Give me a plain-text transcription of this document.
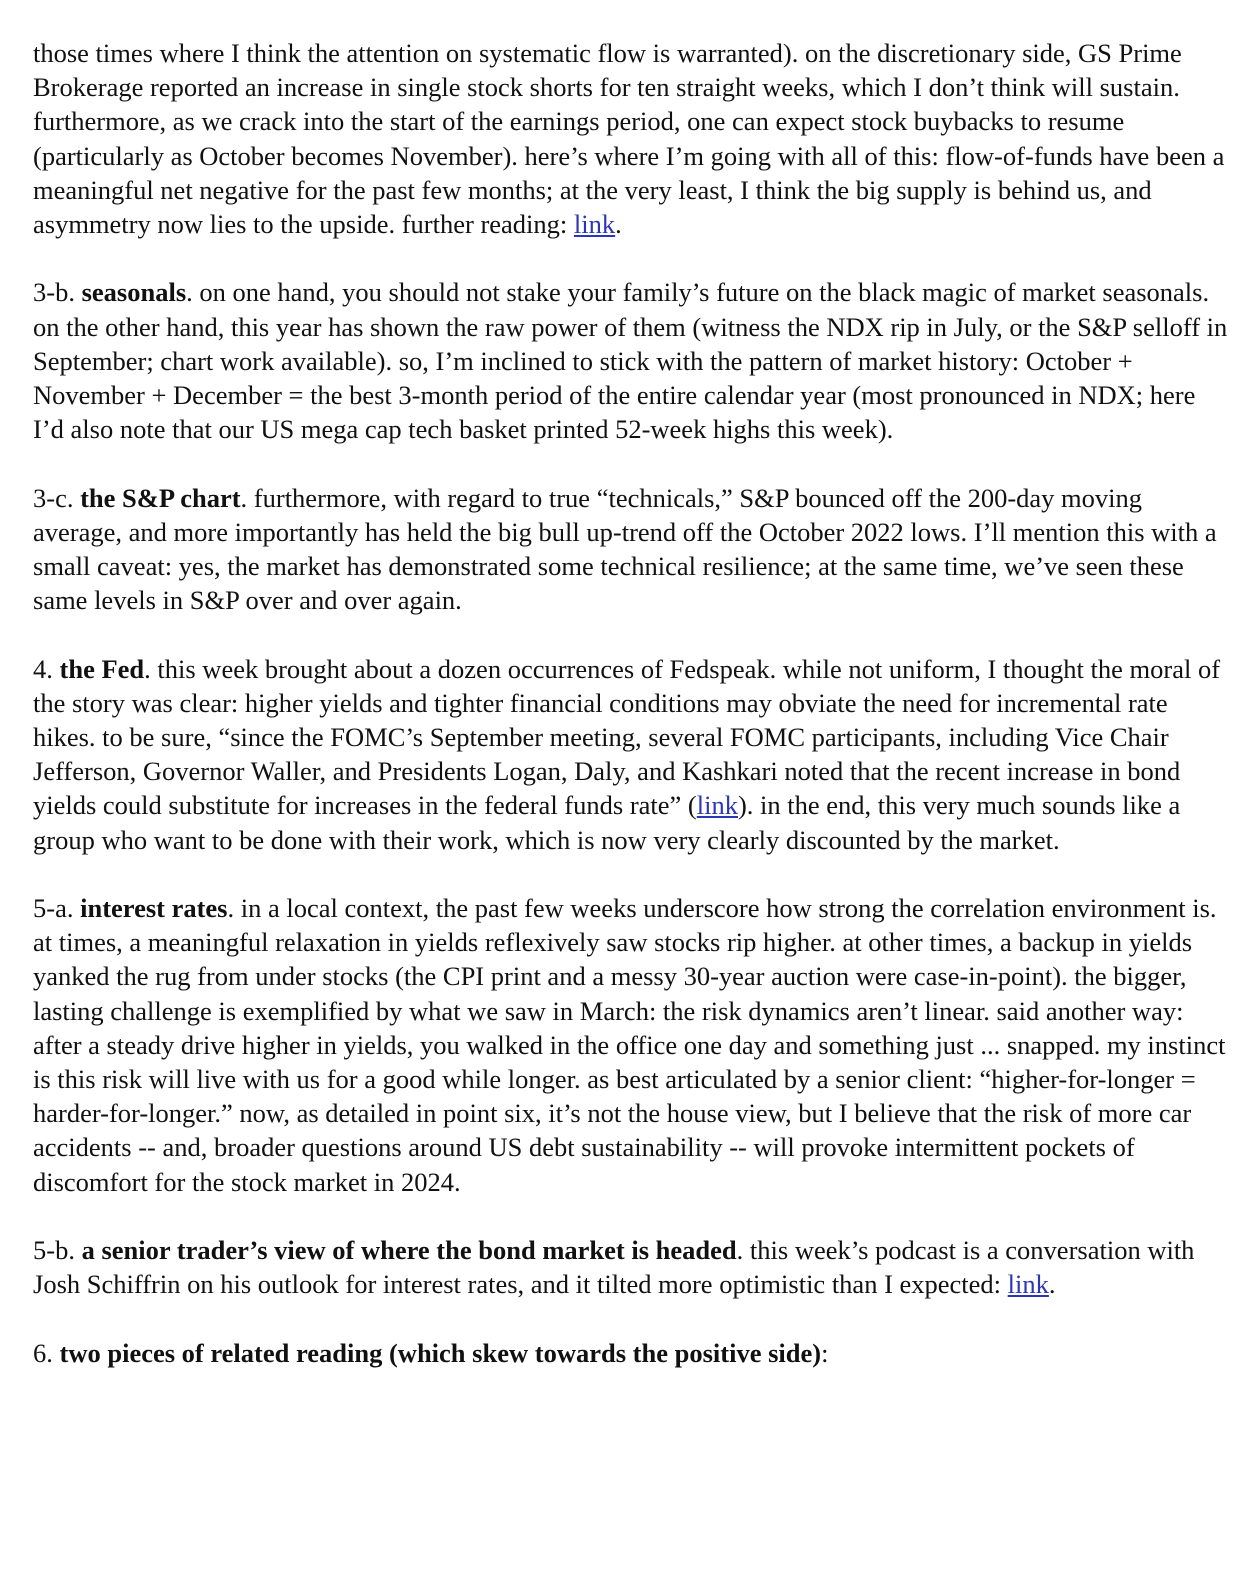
those times where I think the attention on systematic flow is warranted). on the discretionary side, GS Prime Brokerage reported an increase in single stock shorts for ten straight weeks, which I don’t think will sustain. furthermore, as we crack into the start of the earnings period, one can expect stock buybacks to resume (particularly as October becomes November). here’s where I’m going with all of this: flow-of-funds have been a meaningful net negative for the past few months; at the very least, I think the big supply is behind us, and asymmetry now lies to the upside. further reading: link.

3-b. seasonals. on one hand, you should not stake your family’s future on the black magic of market seasonals. on the other hand, this year has shown the raw power of them (witness the NDX rip in July, or the S&P selloff in September; chart work available). so, I’m inclined to stick with the pattern of market history: October + November + December = the best 3-month period of the entire calendar year (most pronounced in NDX; here I’d also note that our US mega cap tech basket printed 52-week highs this week).

3-c. the S&P chart. furthermore, with regard to true “technicals,” S&P bounced off the 200-day moving average, and more importantly has held the big bull up-trend off the October 2022 lows. I’ll mention this with a small caveat: yes, the market has demonstrated some technical resilience; at the same time, we’ve seen these same levels in S&P over and over again.

4. the Fed. this week brought about a dozen occurrences of Fedspeak. while not uniform, I thought the moral of the story was clear: higher yields and tighter financial conditions may obviate the need for incremental rate hikes. to be sure, “since the FOMC’s September meeting, several FOMC participants, including Vice Chair Jefferson, Governor Waller, and Presidents Logan, Daly, and Kashkari noted that the recent increase in bond yields could substitute for increases in the federal funds rate” (link). in the end, this very much sounds like a group who want to be done with their work, which is now very clearly discounted by the market.

5-a. interest rates. in a local context, the past few weeks underscore how strong the correlation environment is. at times, a meaningful relaxation in yields reflexively saw stocks rip higher. at other times, a backup in yields yanked the rug from under stocks (the CPI print and a messy 30-year auction were case-in-point). the bigger, lasting challenge is exemplified by what we saw in March: the risk dynamics aren’t linear. said another way: after a steady drive higher in yields, you walked in the office one day and something just ... snapped. my instinct is this risk will live with us for a good while longer. as best articulated by a senior client: “higher-for-longer = harder-for-longer.” now, as detailed in point six, it’s not the house view, but I believe that the risk of more car accidents -- and, broader questions around US debt sustainability -- will provoke intermittent pockets of discomfort for the stock market in 2024.

5-b. a senior trader’s view of where the bond market is headed. this week’s podcast is a conversation with Josh Schiffrin on his outlook for interest rates, and it tilted more optimistic than I expected: link.

6. two pieces of related reading (which skew towards the positive side):
